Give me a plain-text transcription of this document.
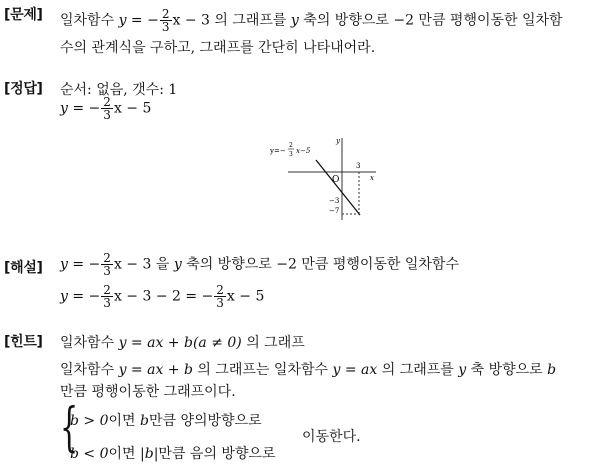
[문제] 일차함수 y = − $\frac{2}{3}$ x − 3 의 그래프를 y 축의 방향으로 −2 만큼 평행이동한 일차함
수의 관계식을 구하고, 그래프를 간단히 나타내어라.
[정답] 순서: 없음, 갯수: 1
y = − $\frac{2}{3}$ x − 5
y=−
2
3 x−5
y
x
O
3
−3
−7
[해설] y = − $\frac{2}{3}$ x − 3 을 y 축의 방향으로 −2 만큼 평행이동한 일차함수
y = − $\frac{2}{3}$ x − 3 − 2 = − $\frac{2}{3}$ x − 5
[힌트] 일차함수 y = ax + b(a ≠ 0) 의 그래프
일차함수 y = ax + b 의 그래프는 일차함수 y = ax 의 그래프를 y 축 방향으로 b
만큼 평행이동한 그래프이다.
{
b > 0이면 b만큼 양의방향으로
b < 0이면 |b|만큼 음의 방향으로
이동한다.
